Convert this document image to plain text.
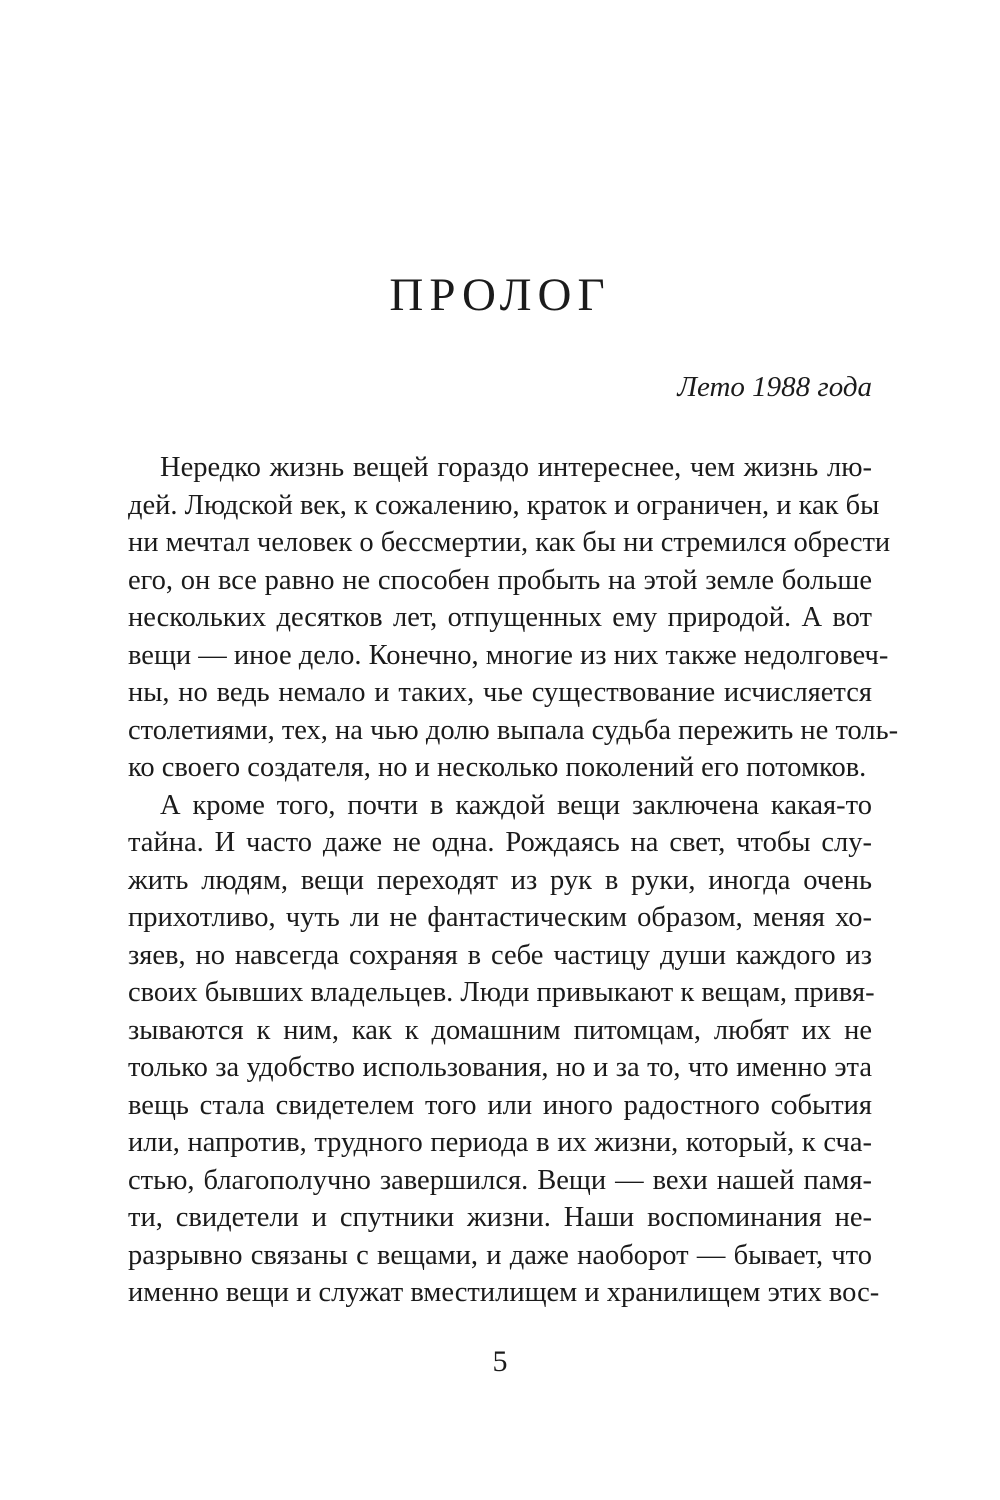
ПРОЛОГ

Лето 1988 года

Нередко жизнь вещей гораздо интереснее, чем жизнь лю-
дей. Людской век, к сожалению, краток и ограничен, и как бы
ни мечтал человек о бессмертии, как бы ни стремился обрести
его, он все равно не способен пробыть на этой земле больше
нескольких десятков лет, отпущенных ему природой. А вот
вещи — иное дело. Конечно, многие из них также недолговеч-
ны, но ведь немало и таких, чье существование исчисляется
столетиями, тех, на чью долю выпала судьба пережить не толь-
ко своего создателя, но и несколько поколений его потомков.
А кроме того, почти в каждой вещи заключена какая-то
тайна. И часто даже не одна. Рождаясь на свет, чтобы слу-
жить людям, вещи переходят из рук в руки, иногда очень
прихотливо, чуть ли не фантастическим образом, меняя хо-
зяев, но навсегда сохраняя в себе частицу души каждого из
своих бывших владельцев. Люди привыкают к вещам, привя-
зываются к ним, как к домашним питомцам, любят их не
только за удобство использования, но и за то, что именно эта
вещь стала свидетелем того или иного радостного события
или, напротив, трудного периода в их жизни, который, к сча-
стью, благополучно завершился. Вещи — вехи нашей памя-
ти, свидетели и спутники жизни. Наши воспоминания не-
разрывно связаны с вещами, и даже наоборот — бывает, что
именно вещи и служат вместилищем и хранилищем этих вос-

5
